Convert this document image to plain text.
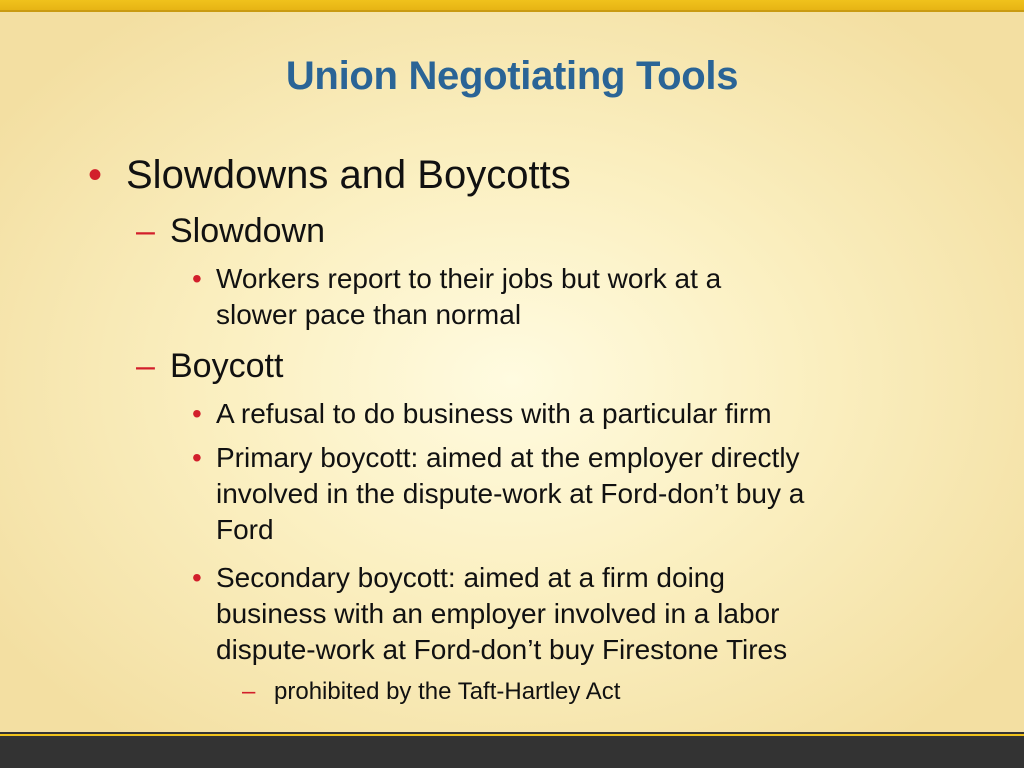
Union Negotiating Tools
• Slowdowns and Boycotts
– Slowdown
• Workers report to their jobs but work at a
slower pace than normal
– Boycott
• A refusal to do business with a particular firm
• Primary boycott: aimed at the employer directly
involved in the dispute-work at Ford-don’t buy a
Ford
• Secondary boycott: aimed at a firm doing
business with an employer involved in a labor
dispute-work at Ford-don’t buy Firestone Tires
– prohibited by the Taft-Hartley Act
